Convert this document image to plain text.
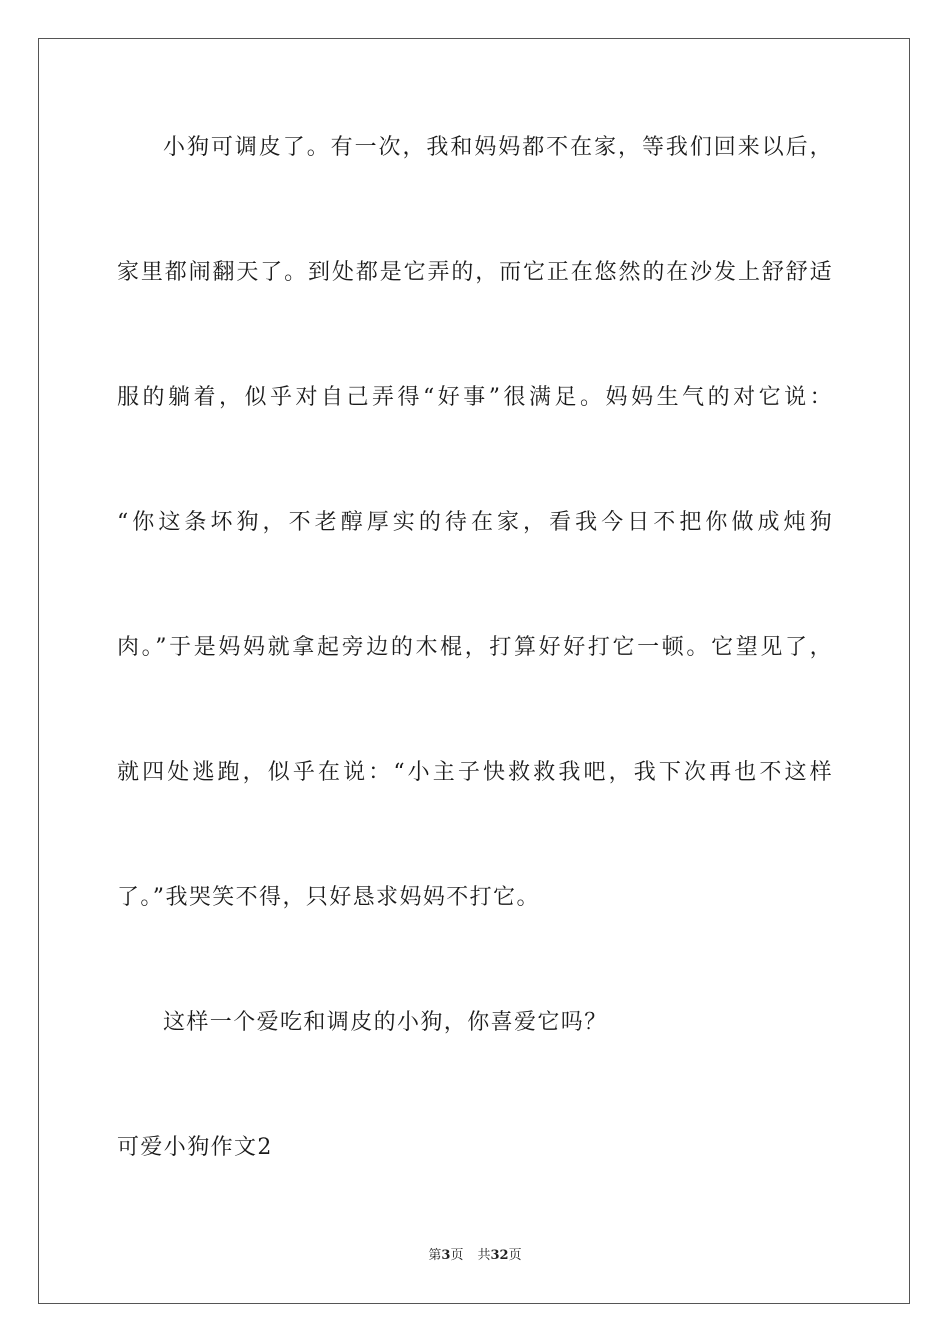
小狗可调皮了。有一次，我和妈妈都不在家，等我们回来以后，
家里都闹翻天了。到处都是它弄的，而它正在悠然的在沙发上舒舒适
服的躺着，似乎对自己弄得“好事”很满足。妈妈生气的对它说：
“你这条坏狗，不老醇厚实的待在家，看我今日不把你做成炖狗
肉。”于是妈妈就拿起旁边的木棍，打算好好打它一顿。它望见了，
就四处逃跑，似乎在说：“小主子快救救我吧，我下次再也不这样
了。”我哭笑不得，只好恳求妈妈不打它。
这样一个爱吃和调皮的小狗，你喜爱它吗？
可爱小狗作文2
第3页 共32页
